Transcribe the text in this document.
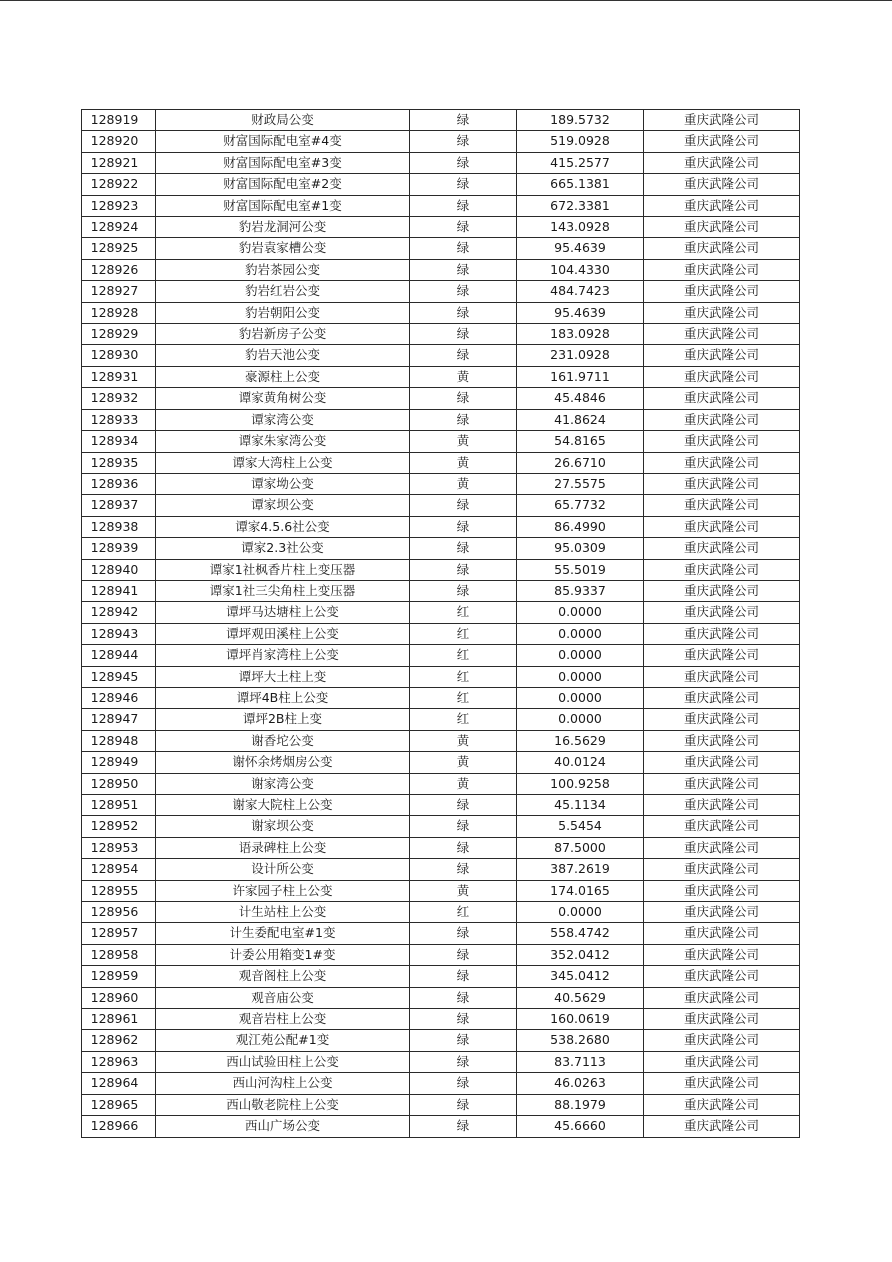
128919	财政局公变	绿	189.5732	重庆武隆公司
128920	财富国际配电室#4变	绿	519.0928	重庆武隆公司
128921	财富国际配电室#3变	绿	415.2577	重庆武隆公司
128922	财富国际配电室#2变	绿	665.1381	重庆武隆公司
128923	财富国际配电室#1变	绿	672.3381	重庆武隆公司
128924	豹岩龙洞河公变	绿	143.0928	重庆武隆公司
128925	豹岩袁家槽公变	绿	95.4639	重庆武隆公司
128926	豹岩茶园公变	绿	104.4330	重庆武隆公司
128927	豹岩红岩公变	绿	484.7423	重庆武隆公司
128928	豹岩朝阳公变	绿	95.4639	重庆武隆公司
128929	豹岩新房子公变	绿	183.0928	重庆武隆公司
128930	豹岩天池公变	绿	231.0928	重庆武隆公司
128931	豪源柱上公变	黄	161.9711	重庆武隆公司
128932	谭家黄角树公变	绿	45.4846	重庆武隆公司
128933	谭家湾公变	绿	41.8624	重庆武隆公司
128934	谭家朱家湾公变	黄	54.8165	重庆武隆公司
128935	谭家大湾柱上公变	黄	26.6710	重庆武隆公司
128936	谭家坳公变	黄	27.5575	重庆武隆公司
128937	谭家坝公变	绿	65.7732	重庆武隆公司
128938	谭家4.5.6社公变	绿	86.4990	重庆武隆公司
128939	谭家2.3社公变	绿	95.0309	重庆武隆公司
128940	谭家1社枫香片柱上变压器	绿	55.5019	重庆武隆公司
128941	谭家1社三尖角柱上变压器	绿	85.9337	重庆武隆公司
128942	谭坪马达塘柱上公变	红	0.0000	重庆武隆公司
128943	谭坪观田溪柱上公变	红	0.0000	重庆武隆公司
128944	谭坪肖家湾柱上公变	红	0.0000	重庆武隆公司
128945	谭坪大土柱上变	红	0.0000	重庆武隆公司
128946	谭坪4B柱上公变	红	0.0000	重庆武隆公司
128947	谭坪2B柱上变	红	0.0000	重庆武隆公司
128948	谢香坨公变	黄	16.5629	重庆武隆公司
128949	谢怀余烤烟房公变	黄	40.0124	重庆武隆公司
128950	谢家湾公变	黄	100.9258	重庆武隆公司
128951	谢家大院柱上公变	绿	45.1134	重庆武隆公司
128952	谢家坝公变	绿	5.5454	重庆武隆公司
128953	语录碑柱上公变	绿	87.5000	重庆武隆公司
128954	设计所公变	绿	387.2619	重庆武隆公司
128955	许家园子柱上公变	黄	174.0165	重庆武隆公司
128956	计生站柱上公变	红	0.0000	重庆武隆公司
128957	计生委配电室#1变	绿	558.4742	重庆武隆公司
128958	计委公用箱变1#变	绿	352.0412	重庆武隆公司
128959	观音阁柱上公变	绿	345.0412	重庆武隆公司
128960	观音庙公变	绿	40.5629	重庆武隆公司
128961	观音岩柱上公变	绿	160.0619	重庆武隆公司
128962	观江苑公配#1变	绿	538.2680	重庆武隆公司
128963	西山试验田柱上公变	绿	83.7113	重庆武隆公司
128964	西山河沟柱上公变	绿	46.0263	重庆武隆公司
128965	西山敬老院柱上公变	绿	88.1979	重庆武隆公司
128966	西山广场公变	绿	45.6660	重庆武隆公司
